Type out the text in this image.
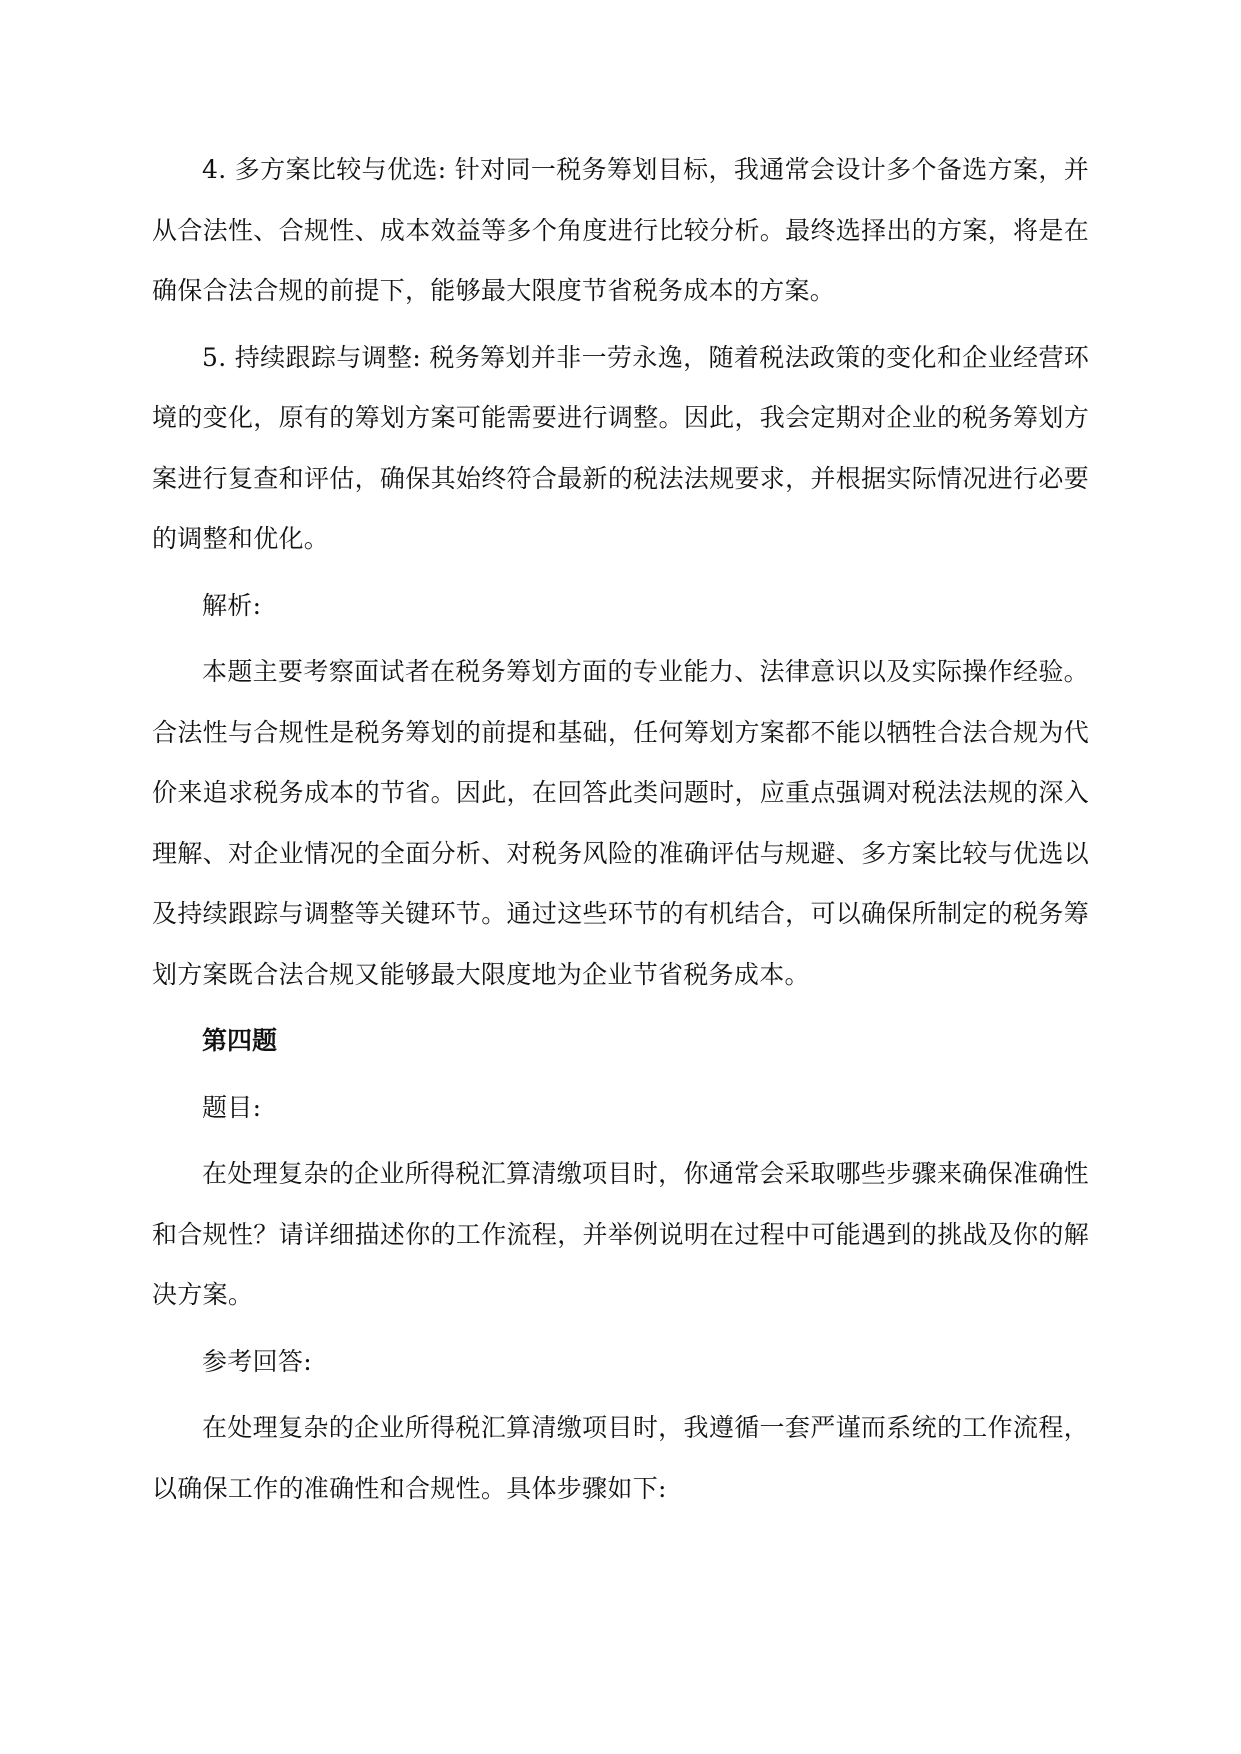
4. 多方案比较与优选: 针对同一税务筹划目标，我通常会设计多个备选方案，并从合法性、合规性、成本效益等多个角度进行比较分析。最终选择出的方案，将是在确保合法合规的前提下，能够最大限度节省税务成本的方案。

5. 持续跟踪与调整: 税务筹划并非一劳永逸，随着税法政策的变化和企业经营环境的变化，原有的筹划方案可能需要进行调整。因此，我会定期对企业的税务筹划方案进行复查和评估，确保其始终符合最新的税法法规要求，并根据实际情况进行必要的调整和优化。

解析:

本题主要考察面试者在税务筹划方面的专业能力、法律意识以及实际操作经验。合法性与合规性是税务筹划的前提和基础，任何筹划方案都不能以牺牲合法合规为代价来追求税务成本的节省。因此，在回答此类问题时，应重点强调对税法法规的深入理解、对企业情况的全面分析、对税务风险的准确评估与规避、多方案比较与优选以及持续跟踪与调整等关键环节。通过这些环节的有机结合，可以确保所制定的税务筹划方案既合法合规又能够最大限度地为企业节省税务成本。

第四题

题目:

在处理复杂的企业所得税汇算清缴项目时，你通常会采取哪些步骤来确保准确性和合规性？请详细描述你的工作流程，并举例说明在过程中可能遇到的挑战及你的解决方案。

参考回答:

在处理复杂的企业所得税汇算清缴项目时，我遵循一套严谨而系统的工作流程，以确保工作的准确性和合规性。具体步骤如下:
